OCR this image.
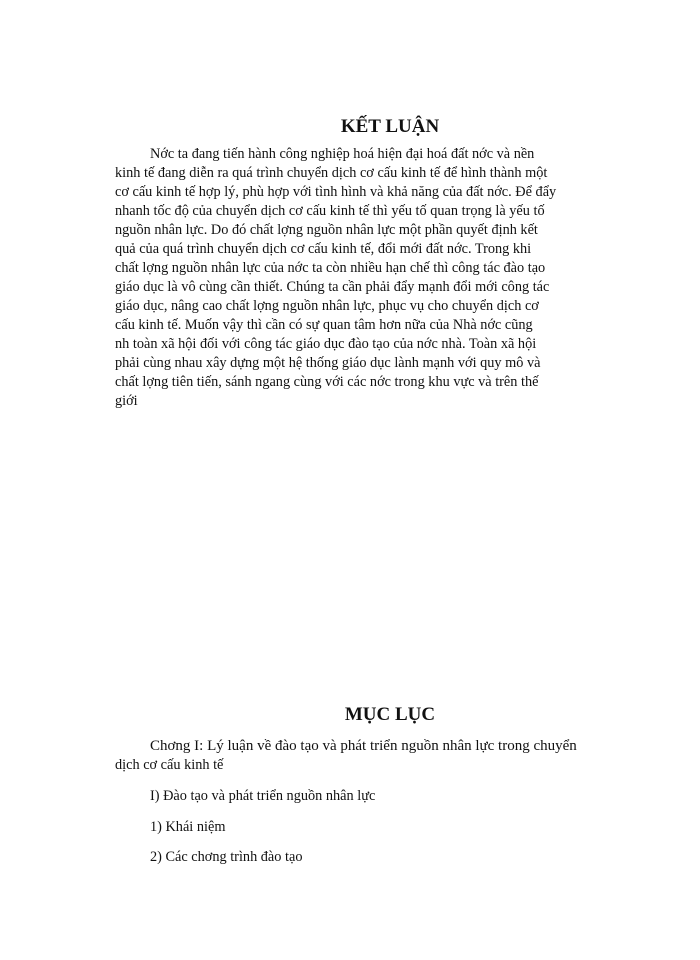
KẾT LUẬN

Nớc ta đang tiến hành công nghiệp hoá hiện đại hoá đất nớc và nền

kinh tế đang diễn ra quá trình chuyển dịch cơ cấu kinh tế để hình thành một

cơ cấu kinh tế hợp lý, phù hợp với tình hình và khả năng của đất nớc. Để đẩy

nhanh tốc độ của chuyển dịch cơ cấu kinh tế thì yếu tố quan trọng là yếu tố

nguồn nhân lực. Do đó chất lợng nguồn nhân lực một phần quyết định kết

quả của quá trình chuyển dịch cơ cấu kinh tế, đổi mới đất nớc. Trong khi

chất lợng nguồn nhân lực của nớc ta còn nhiều hạn chế thì công tác đào tạo

giáo dục là vô cùng cần thiết. Chúng ta cần phải đẩy mạnh đổi mới công tác

giáo dục, nâng cao chất lợng nguồn nhân lực, phục vụ cho chuyển dịch cơ

cấu kinh tế. Muốn vậy thì cần có sự quan tâm hơn nữa của Nhà nớc cũng

nh toàn xã hội đối với công tác giáo dục đào tạo của nớc nhà. Toàn xã hội

phải cùng nhau xây dựng một hệ thống giáo dục lành mạnh với quy mô và

chất lợng tiên tiến, sánh ngang cùng với các nớc trong khu vực và trên thế

giới

MỤC LỤC

Chơng I: Lý luận về đào tạo và phát triển nguồn nhân lực trong chuyển

dịch cơ cấu kinh tế

I) Đào tạo và phát triển nguồn nhân lực

1) Khái niệm

2) Các chơng trình đào tạo
